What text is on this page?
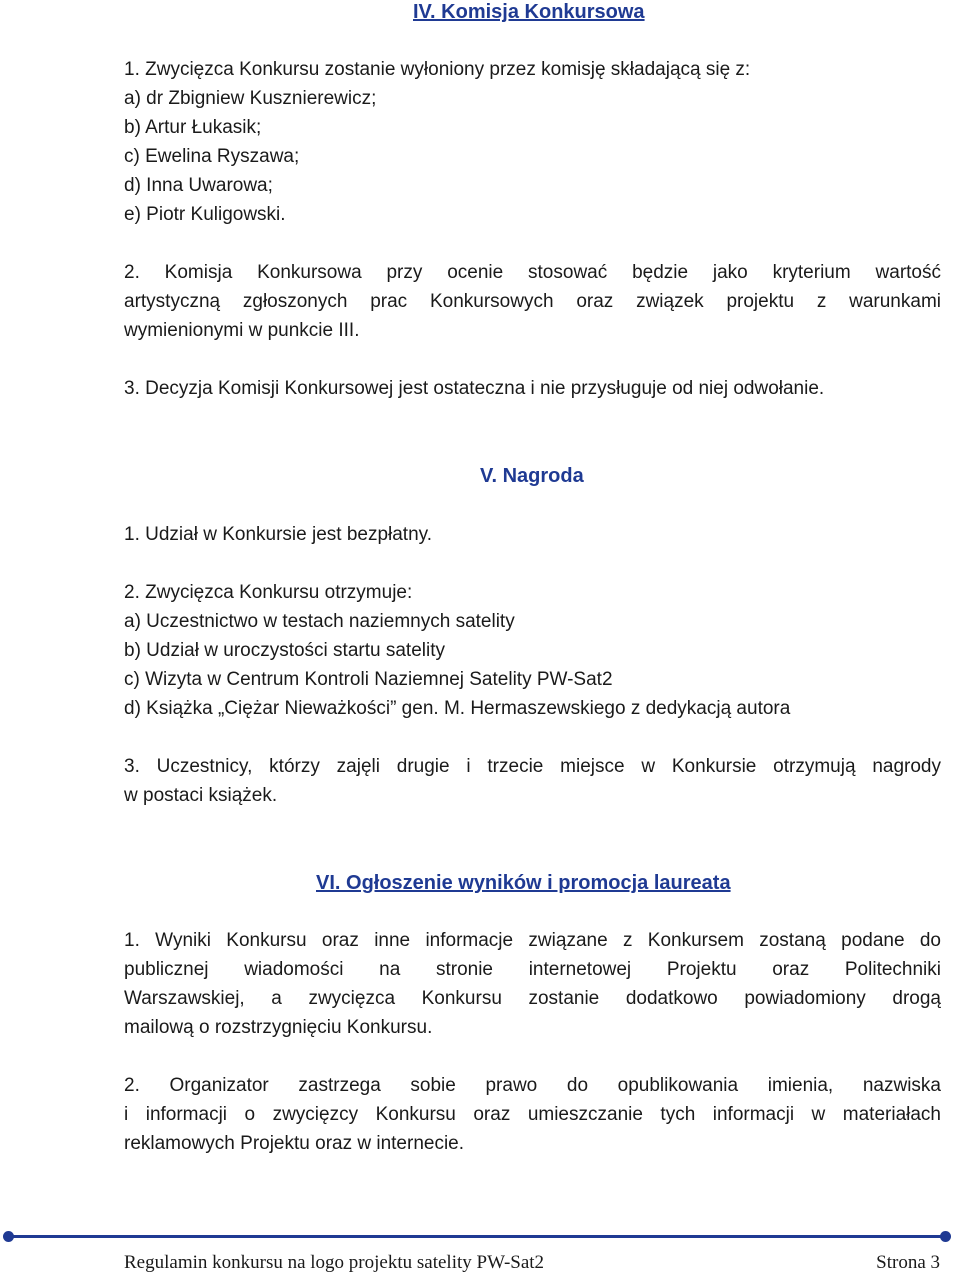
IV. Komisja Konkursowa
1. Zwycięzca Konkursu zostanie wyłoniony przez komisję składającą się z:
a) dr Zbigniew Kusznierewicz;
b) Artur Łukasik;
c) Ewelina Ryszawa;
d) Inna Uwarowa;
e) Piotr Kuligowski.
2. Komisja Konkursowa przy ocenie stosować będzie jako kryterium wartość
artystyczną zgłoszonych prac Konkursowych oraz związek projektu z warunkami
wymienionymi w punkcie III.
3. Decyzja Komisji Konkursowej jest ostateczna i nie przysługuje od niej odwołanie.
V. Nagroda
1. Udział w Konkursie jest bezpłatny.
2. Zwycięzca Konkursu otrzymuje:
a) Uczestnictwo w testach naziemnych satelity
b) Udział w uroczystości startu satelity
c) Wizyta w Centrum Kontroli Naziemnej Satelity PW-Sat2
d) Książka „Ciężar Nieważkości” gen. M. Hermaszewskiego z dedykacją autora
3. Uczestnicy, którzy zajęli drugie i trzecie miejsce w Konkursie otrzymują nagrody
w postaci książek.
VI. Ogłoszenie wyników i promocja laureata
1. Wyniki Konkursu oraz inne informacje związane z Konkursem zostaną podane do
publicznej wiadomości na stronie internetowej Projektu oraz Politechniki
Warszawskiej, a zwycięzca Konkursu zostanie dodatkowo powiadomiony drogą
mailową o rozstrzygnięciu Konkursu.
2. Organizator zastrzega sobie prawo do opublikowania imienia, nazwiska
i informacji o zwycięzcy Konkursu oraz umieszczanie tych informacji w materiałach
reklamowych Projektu oraz w internecie.
Regulamin konkursu na logo projektu satelity PW-Sat2	Strona 3
